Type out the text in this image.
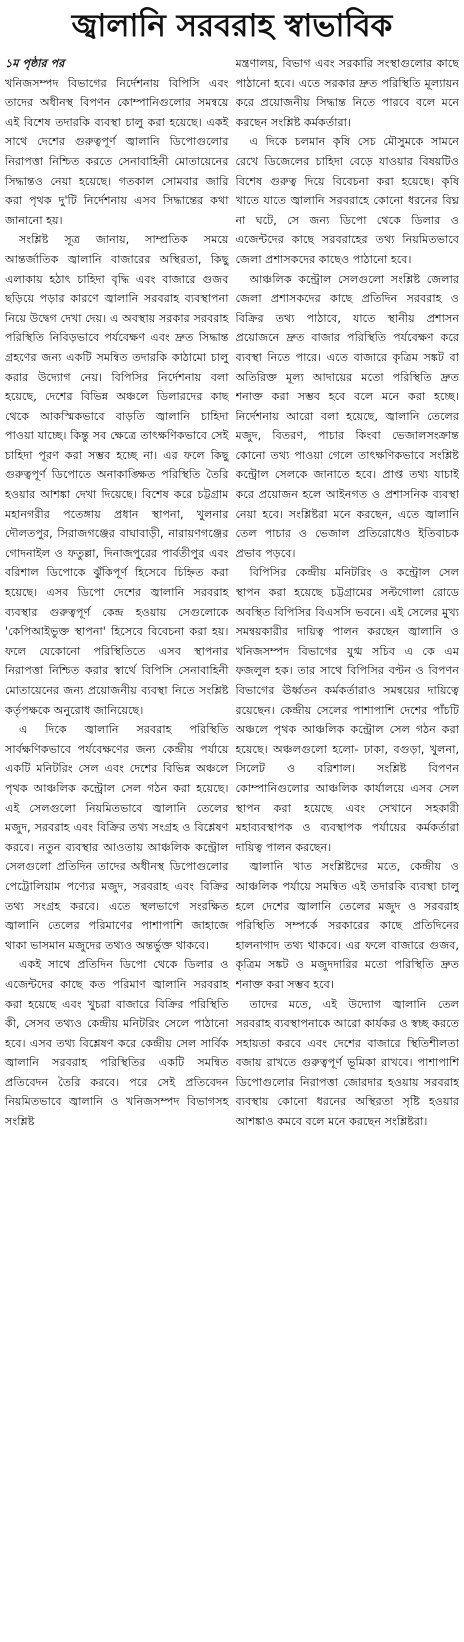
জ্বালানি সরবরাহ স্বাভাবিক
১ম পৃষ্ঠার পর

খনিজসম্পদ বিভাগের নির্দেশনায় বিপিসি এবং তাদের অধীনস্থ বিপণন কোম্পানিগুলোর সমন্বয়ে এই বিশেষ তদারকি ব্যবস্থা চালু করা হয়েছে। একই সাথে দেশের গুরুত্বপূর্ণ জ্বালানি ডিপোগুলোর নিরাপত্তা নিশ্চিত করতে সেনাবাহিনী মোতায়েনের সিদ্ধান্তও নেয়া হয়েছে। গতকাল সোমবার জারি করা পৃথক দু'টি নির্দেশনায় এসব সিদ্ধান্তের কথা জানানো হয়।

সংশ্লিষ্ট সূত্র জানায়, সাম্প্রতিক সময়ে আন্তর্জাতিক জ্বালানি বাজারের অস্থিরতা, কিছু এলাকায় হঠাৎ চাহিদা বৃদ্ধি এবং বাজারে গুজব ছড়িয়ে পড়ার কারণে জ্বালানি সরবরাহ ব্যবস্থাপনা নিয়ে উদ্বেগ দেখা দেয়। এ অবস্থায় সরকার সরবরাহ পরিস্থিতি নিবিড়ভাবে পর্যবেক্ষণ এবং দ্রুত সিদ্ধান্ত গ্রহণের জন্য একটি সমন্বিত তদারকি কাঠামো চালু করার উদ্যোগ নেয়। বিপিসির নির্দেশনায় বলা হয়েছে, দেশের বিভিন্ন অঞ্চলে ডিলারদের কাছ থেকে আকস্মিকভাবে বাড়তি জ্বালানি চাহিদা পাওয়া যাচ্ছে। কিন্তু সব ক্ষেত্রে তাৎক্ষণিকভাবে সেই চাহিদা পূরণ করা সম্ভব হচ্ছে না। এর ফলে কিছু গুরুত্বপূর্ণ ডিপোতে অনাকাঙ্ক্ষিত পরিস্থিতি তৈরি হওয়ার আশঙ্কা দেখা দিয়েছে। বিশেষ করে চট্টগ্রাম মহানগরীর পতেঙ্গায় প্রধান স্থাপনা, খুলনার দৌলতপুর, সিরাজগঞ্জের বাঘাবাড়ী, নারায়ণগঞ্জের গোদনাইল ও ফতুল্লা, দিনাজপুরের পার্বতীপুর এবং বরিশাল ডিপোকে ঝুঁকিপূর্ণ হিসেবে চিহ্নিত করা হয়েছে। এসব ডিপো দেশের জ্বালানি সরবরাহ ব্যবস্থার গুরুত্বপূর্ণ কেন্দ্র হওয়ায় সেগুলোকে 'কেপিআইভুক্ত স্থাপনা' হিসেবে বিবেচনা করা হয়। ফলে যেকোনো পরিস্থিতিতে এসব স্থাপনার নিরাপত্তা নিশ্চিত করার স্বার্থে বিপিসি সেনাবাহিনী মোতায়েনের জন্য প্রয়োজনীয় ব্যবস্থা নিতে সংশ্লিষ্ট কর্তৃপক্ষকে অনুরোধ জানিয়েছে।

এ দিকে জ্বালানি সরবরাহ পরিস্থিতি সার্বক্ষণিকভাবে পর্যবেক্ষণের জন্য কেন্দ্রীয় পর্যায়ে একটি মনিটরিং সেল এবং দেশের বিভিন্ন অঞ্চলে পৃথক আঞ্চলিক কন্ট্রোল সেল গঠন করা হয়েছে। এই সেলগুলো নিয়মিতভাবে জ্বালানি তেলের মজুদ, সরবরাহ এবং বিক্রির তথ্য সংগ্রহ ও বিশ্লেষণ করবে। নতুন ব্যবস্থার আওতায় আঞ্চলিক কন্ট্রোল সেলগুলো প্রতিদিন তাদের অধীনস্থ ডিপোগুলোর পেট্রোলিয়াম পণ্যের মজুদ, সরবরাহ এবং বিক্রির তথ্য সংগ্রহ করবে। এতে স্থলভাগে সংরক্ষিত জ্বালানি তেলের পরিমাণের পাশাপাশি জাহাজে থাকা ভাসমান মজুদের তথ্যও অন্তর্ভুক্ত থাকবে।

একই সাথে প্রতিদিন ডিপো থেকে ডিলার ও এজেন্টদের কাছে কত পরিমাণ জ্বালানি সরবরাহ করা হয়েছে এবং খুচরা বাজারে বিক্রির পরিস্থিতি কী, সেসব তথ্যও কেন্দ্রীয় মনিটরিং সেলে পাঠানো হবে। এসব তথ্য বিশ্লেষণ করে কেন্দ্রীয় সেল সার্বিক জ্বালানি সরবরাহ পরিস্থিতির একটি সমন্বিত প্রতিবেদন তৈরি করবে। পরে সেই প্রতিবেদন নিয়মিতভাবে জ্বালানি ও খনিজসম্পদ বিভাগসহ সংশ্লিষ্ট

মন্ত্রণালয়, বিভাগ এবং সরকারি সংস্থাগুলোর কাছে পাঠানো হবে। এতে সরকার দ্রুত পরিস্থিতি মূল্যায়ন করে প্রয়োজনীয় সিদ্ধান্ত নিতে পারবে বলে মনে করছেন সংশ্লিষ্ট কর্মকর্তারা।

এ দিকে চলমান কৃষি সেচ মৌসুমকে সামনে রেখে ডিজেলের চাহিদা বেড়ে যাওয়ার বিষয়টিও বিশেষ গুরুত্ব দিয়ে বিবেচনা করা হয়েছে। কৃষি খাতে যাতে জ্বালানি সরবরাহে কোনো ধরনের বিঘ্ন না ঘটে, সে জন্য ডিপো থেকে ডিলার ও এজেন্টদের কাছে সরবরাহের তথ্য নিয়মিতভাবে জেলা প্রশাসকদের কাছেও পাঠানো হবে।

আঞ্চলিক কন্ট্রোল সেলগুলো সংশ্লিষ্ট জেলার জেলা প্রশাসকদের কাছে প্রতিদিন সরবরাহ ও বিক্রির তথ্য পাঠাবে, যাতে স্থানীয় প্রশাসন প্রয়োজনে দ্রুত বাজার পরিস্থিতি পর্যবেক্ষণ করে ব্যবস্থা নিতে পারে। এতে বাজারে কৃত্রিম সঙ্কট বা অতিরিক্ত মূল্য আদায়ের মতো পরিস্থিতি দ্রুত শনাক্ত করা সম্ভব হবে বলে মনে করা হচ্ছে। নির্দেশনায় আরো বলা হয়েছে, জ্বালানি তেলের মজুদ, বিতরণ, পাচার কিংবা ভেজালসংক্রান্ত কোনো তথ্য পাওয়া গেলে তাৎক্ষণিকভাবে সংশ্লিষ্ট কন্ট্রোল সেলকে জানাতে হবে। প্রাপ্ত তথ্য যাচাই করে প্রয়োজন হলে আইনগত ও প্রশাসনিক ব্যবস্থা নেয়া হবে। সংশ্লিষ্টরা মনে করছেন, এতে জ্বালানি তেল পাচার ও ভেজাল প্রতিরোধেও ইতিবাচক প্রভাব পড়বে।

বিপিসির কেন্দ্রীয় মনিটরিং ও কন্ট্রোল সেল স্থাপন করা হয়েছে চট্টগ্রামের সল্টগোলা রোডে অবস্থিত বিপিসির বিএসসি ভবনে। এই সেলের মুখ্য সমন্বয়কারীর দায়িত্ব পালন করছেন জ্বালানি ও খনিজসম্পদ বিভাগের যুগ্ম সচিব এ কে এম ফজলুল হক। তার সাথে বিপিসির বণ্টন ও বিপণন বিভাগের ঊর্ধ্বতন কর্মকর্তারাও সমন্বয়ের দায়িত্বে রয়েছেন। কেন্দ্রীয় সেলের পাশাপাশি দেশের পাঁচটি অঞ্চলে পৃথক আঞ্চলিক কন্ট্রোল সেল গঠন করা হয়েছে। অঞ্চলগুলো হলো- ঢাকা, বগুড়া, খুলনা, সিলেট ও বরিশাল। সংশ্লিষ্ট বিপণন কোম্পানিগুলোর আঞ্চলিক কার্যালয়ে এসব সেল স্থাপন করা হয়েছে এবং সেখানে সহকারী মহাব্যবস্থাপক ও ব্যবস্থাপক পর্যায়ের কর্মকর্তারা দায়িত্ব পালন করছেন।

জ্বালানি খাত সংশ্লিষ্টদের মতে, কেন্দ্রীয় ও আঞ্চলিক পর্যায়ে সমন্বিত এই তদারকি ব্যবস্থা চালু হলে দেশের জ্বালানি তেলের মজুদ ও সরবরাহ পরিস্থিতি সম্পর্কে সরকারের কাছে প্রতিদিনের হালনাগাদ তথ্য থাকবে। এর ফলে বাজারে গুজব, কৃত্রিম সঙ্কট ও মজুদদারির মতো পরিস্থিতি দ্রুত শনাক্ত করা সম্ভব হবে।

তাদের মতে, এই উদ্যোগ জ্বালানি তেল সরবরাহ ব্যবস্থাপনাকে আরো কার্যকর ও স্বচ্ছ করতে সহায়তা করবে এবং দেশের বাজারে স্থিতিশীলতা বজায় রাখতে গুরুত্বপূর্ণ ভূমিকা রাখবে। পাশাপাশি ডিপোগুলোর নিরাপত্তা জোরদার হওয়ায় সরবরাহ ব্যবস্থায় কোনো ধরনের অস্থিরতা সৃষ্টি হওয়ার আশঙ্কাও কমবে বলে মনে করছেন সংশ্লিষ্টরা।
